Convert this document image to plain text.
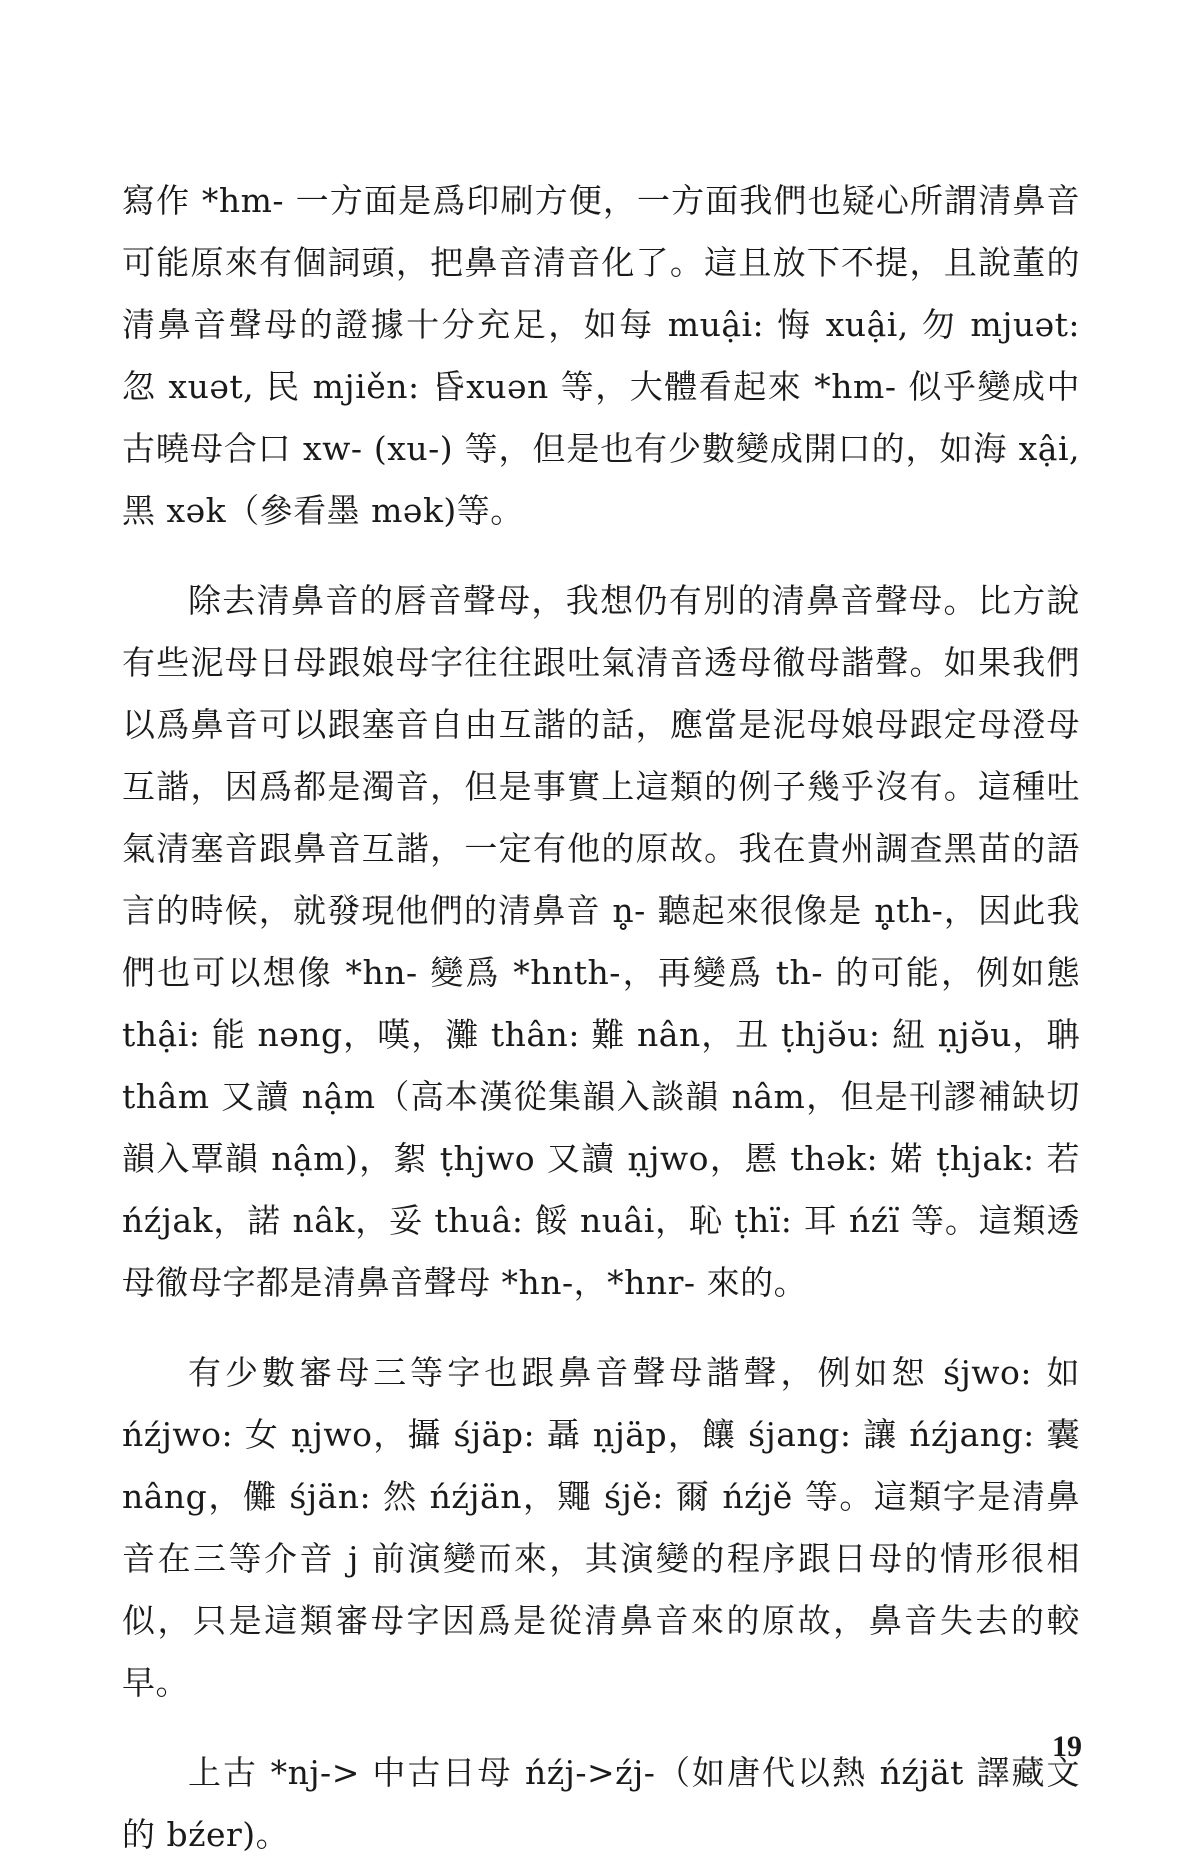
寫作 *hm- 一方面是爲印刷方便，一方面我們也疑心所謂清鼻音可能原來有個詞頭，把鼻音清音化了。這且放下不提，且說董的清鼻音聲母的證據十分充足，如每 muậi: 悔 xuậi, 勿 mjuət: 忽 xuət, 民 mjiěn: 昏xuən 等，大體看起來 *hm- 似乎變成中古曉母合口 xw- (xu-) 等，但是也有少數變成開口的，如海 xậi, 黑 xək（參看墨 mək)等。

除去清鼻音的唇音聲母，我想仍有別的清鼻音聲母。比方說有些泥母日母跟娘母字往往跟吐氣清音透母徹母諧聲。如果我們以爲鼻音可以跟塞音自由互諧的話，應當是泥母娘母跟定母澄母互諧，因爲都是濁音，但是事實上這類的例子幾乎沒有。這種吐氣清塞音跟鼻音互諧，一定有他的原故。我在貴州調查黑苗的語言的時候，就發現他們的清鼻音 n̥- 聽起來很像是 n̥th-，因此我們也可以想像 *hn- 變爲 *hnth-，再變爲 th- 的可能，例如態 thậi: 能 nəng，嘆，灘 thân: 難 nân，丑 ṭhjə̆u: 紐 ṇjə̆u，聃 thâm 又讀 nậm（高本漢從集韻入談韻 nâm，但是刊謬補缺切韻入覃韻 nậm)，絮 ṭhjwo 又讀 ṇjwo，慝 thək: 婼 ṭhjak: 若 ńźjak，諾 nâk，妥 thuâ: 餒 nuâi，恥 ṭhï: 耳 ńźï 等。這類透母徹母字都是清鼻音聲母 *hn-，*hnr- 來的。

有少數審母三等字也跟鼻音聲母諧聲，例如恕 śjwo: 如 ńźjwo: 女 ṇjwo，攝 śjäp: 聶 ṇjäp，饟 śjang: 讓 ńźjang: 囊 nâng，儺 śjän: 然 ńźjän，鼆 śjě: 爾 ńźjě 等。這類字是清鼻音在三等介音 j 前演變而來，其演變的程序跟日母的情形很相似，只是這類審母字因爲是從清鼻音來的原故，鼻音失去的較早。

上古 *nj-> 中古日母 ńźj->źj-（如唐代以熱 ńźjät 譯藏文的 bźer)。

19
